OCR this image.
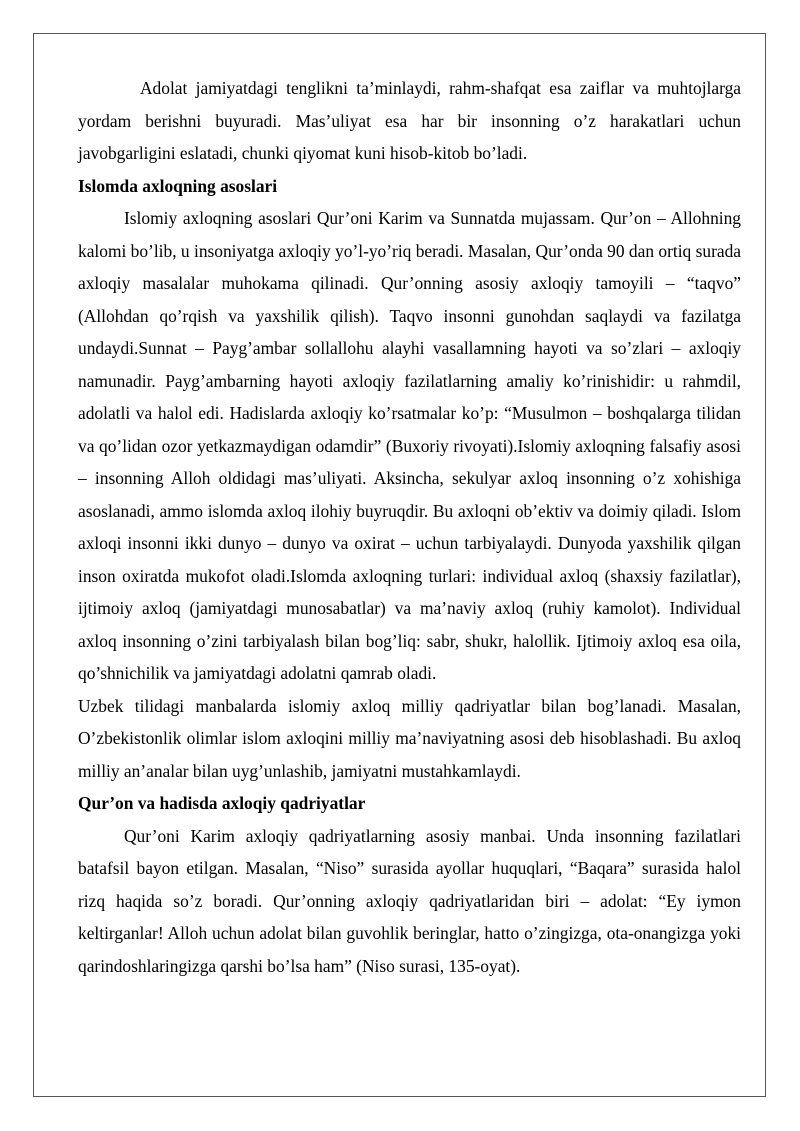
Adolat jamiyatdagi tenglikni ta’minlaydi, rahm-shafqat esa zaiflar va muhtojlarga yordam berishni buyuradi. Mas’uliyat esa har bir insonning o’z harakatlari uchun javobgarligini eslatadi, chunki qiyomat kuni hisob-kitob bo’ladi.

Islomda axloqning asoslari

Islomiy axloqning asoslari Qur’oni Karim va Sunnatda mujassam. Qur’on – Allohning kalomi bo’lib, u insoniyatga axloqiy yo’l-yo’riq beradi. Masalan, Qur’onda 90 dan ortiq surada axloqiy masalalar muhokama qilinadi. Qur’onning asosiy axloqiy tamoyili – “taqvo” (Allohdan qo’rqish va yaxshilik qilish). Taqvo insonni gunohdan saqlaydi va fazilatga undaydi.Sunnat – Payg’ambar sollallohu alayhi vasallamning hayoti va so’zlari – axloqiy namunadir. Payg’ambarning hayoti axloqiy fazilatlarning amaliy ko’rinishidir: u rahmdil, adolatli va halol edi. Hadislarda axloqiy ko’rsatmalar ko’p: “Musulmon – boshqalarga tilidan va qo’lidan ozor yetkazmaydigan odamdir” (Buxoriy rivoyati).Islomiy axloqning falsafiy asosi – insonning Alloh oldidagi mas’uliyati. Aksincha, sekulyar axloq insonning o’z xohishiga asoslanadi, ammo islomda axloq ilohiy buyruqdir. Bu axloqni ob’ektiv va doimiy qiladi. Islom axloqi insonni ikki dunyo – dunyo va oxirat – uchun tarbiyalaydi. Dunyoda yaxshilik qilgan inson oxiratda mukofot oladi.Islomda axloqning turlari: individual axloq (shaxsiy fazilatlar), ijtimoiy axloq (jamiyatdagi munosabatlar) va ma’naviy axloq (ruhiy kamolot). Individual axloq insonning o’zini tarbiyalash bilan bog’liq: sabr, shukr, halollik. Ijtimoiy axloq esa oila, qo’shnichilik va jamiyatdagi adolatni qamrab oladi.

Uzbek tilidagi manbalarda islomiy axloq milliy qadriyatlar bilan bog’lanadi. Masalan, O’zbekistonlik olimlar islom axloqini milliy ma’naviyatning asosi deb hisoblashadi. Bu axloq milliy an’analar bilan uyg’unlashib, jamiyatni mustahkamlaydi.

Qur’on va hadisda axloqiy qadriyatlar

Qur’oni Karim axloqiy qadriyatlarning asosiy manbai. Unda insonning fazilatlari batafsil bayon etilgan. Masalan, “Niso” surasida ayollar huquqlari, “Baqara” surasida halol rizq haqida so’z boradi. Qur’onning axloqiy qadriyatlaridan biri – adolat: “Ey iymon keltirganlar! Alloh uchun adolat bilan guvohlik beringlar, hatto o’zingizga, ota-onangizga yoki qarindoshlaringizga qarshi bo’lsa ham” (Niso surasi, 135-oyat).
